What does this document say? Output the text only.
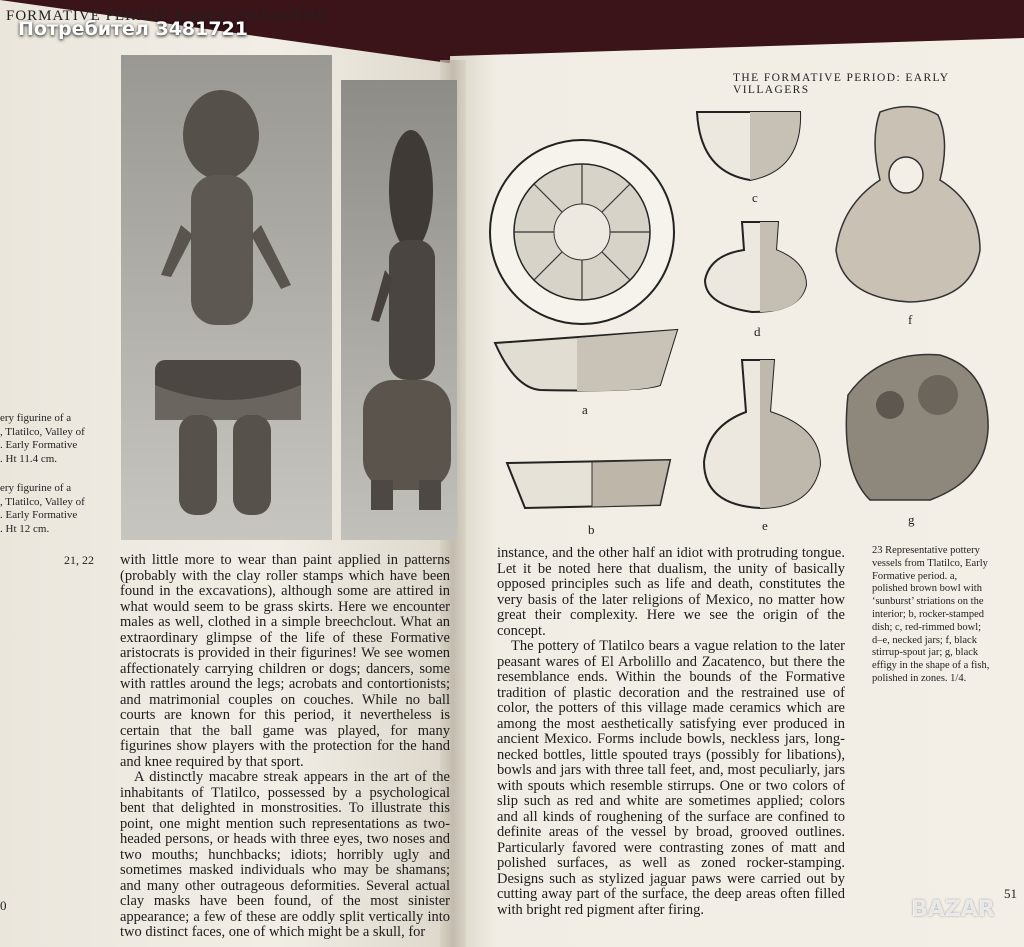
FORMATIVE PERIOD: EARLY VILLAGERS
Потребител 3481721
ery figurine of a
, Tlatilco, Valley of
. Early Formative
. Ht 11.4 cm.
ery figurine of a
, Tlatilco, Valley of
. Early Formative
. Ht 12 cm.
21, 22 with little more to wear than paint applied in patterns (probably with the clay roller stamps which have been found in the excavations), although some are attired in what would seem to be grass skirts. Here we encounter males as well, clothed in a simple breechclout. What an extraordinary glimpse of the life of these Formative aristocrats is provided in their figurines! We see women affectionately carrying children or dogs; dancers, some with rattles around the legs; acrobats and contortionists; and matrimonial couples on couches. While no ball courts are known for this period, it nevertheless is certain that the ball game was played, for many figurines show players with the protection for the hand and knee required by that sport.

A distinctly macabre streak appears in the art of the inhabitants of Tlatilco, possessed by a psychological bent that delighted in monstrosities. To illustrate this point, one might mention such representations as two-headed persons, or heads with three eyes, two noses and two mouths; hunchbacks; idiots; horribly ugly and sometimes masked individuals who may be shamans; and many other outrageous deformities. Several actual clay masks have been found, of the most sinister appearance; a few of these are oddly split vertically into two distinct faces, one of which might be a skull, for

THE FORMATIVE PERIOD: EARLY VILLAGERS
a
b
c
d
e
f
g

instance, and the other half an idiot with protruding tongue. Let it be noted here that dualism, the unity of basically opposed principles such as life and death, constitutes the very basis of the later religions of Mexico, no matter how great their complexity. Here we see the origin of the concept.

The pottery of Tlatilco bears a vague relation to the later peasant wares of El Arbolillo and Zacatenco, but there the resemblance ends. Within the bounds of the Formative tradition of plastic decoration and the restrained use of color, the potters of this village made ceramics which are among the most aesthetically satisfying ever produced in ancient Mexico. Forms include bowls, neckless jars, long-necked bottles, little spouted trays (possibly for libations), bowls and jars with three tall feet, and, most peculiarly, jars with spouts which resemble stirrups. One or two colors of slip such as red and white are sometimes applied; colors and all kinds of roughening of the surface are confined to definite areas of the vessel by broad, grooved outlines. Particularly favored were contrasting zones of matt and polished surfaces, as well as zoned rocker-stamping. Designs such as stylized jaguar paws were carried out by cutting away part of the surface, the deep areas often filled with bright red pigment after firing.

23 Representative pottery vessels from Tlatilco, Early Formative period. a, polished brown bowl with ‘sunburst’ striations on the interior; b, rocker-stamped dish; c, red-rimmed bowl; d–e, necked jars; f, black stirrup-spout jar; g, black effigy in the shape of a fish, polished in zones. 1/4.
51
0	BAZAR
